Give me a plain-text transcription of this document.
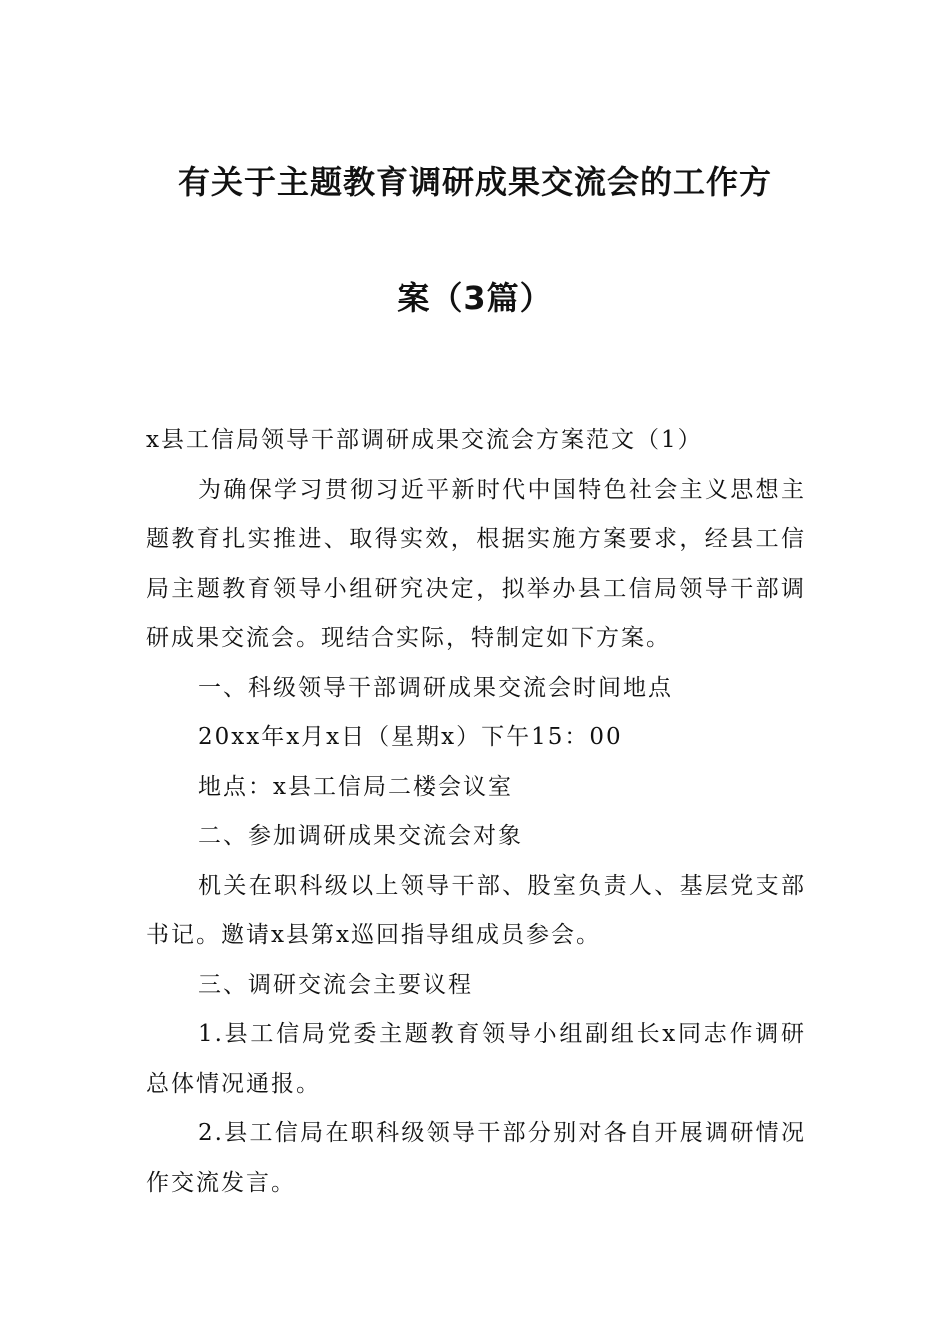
有关于主题教育调研成果交流会的工作方
案（3篇）

x县工信局领导干部调研成果交流会方案范文（1）

为确保学习贯彻习近平新时代中国特色社会主义思想主题教育扎实推进、取得实效，根据实施方案要求，经县工信局主题教育领导小组研究决定，拟举办县工信局领导干部调研成果交流会。现结合实际，特制定如下方案。

一、科级领导干部调研成果交流会时间地点

20xx年x月x日（星期x）下午15：00

地点：x县工信局二楼会议室

二、参加调研成果交流会对象

机关在职科级以上领导干部、股室负责人、基层党支部书记。邀请x县第x巡回指导组成员参会。

三、调研交流会主要议程

1.县工信局党委主题教育领导小组副组长x同志作调研总体情况通报。

2.县工信局在职科级领导干部分别对各自开展调研情况作交流发言。
